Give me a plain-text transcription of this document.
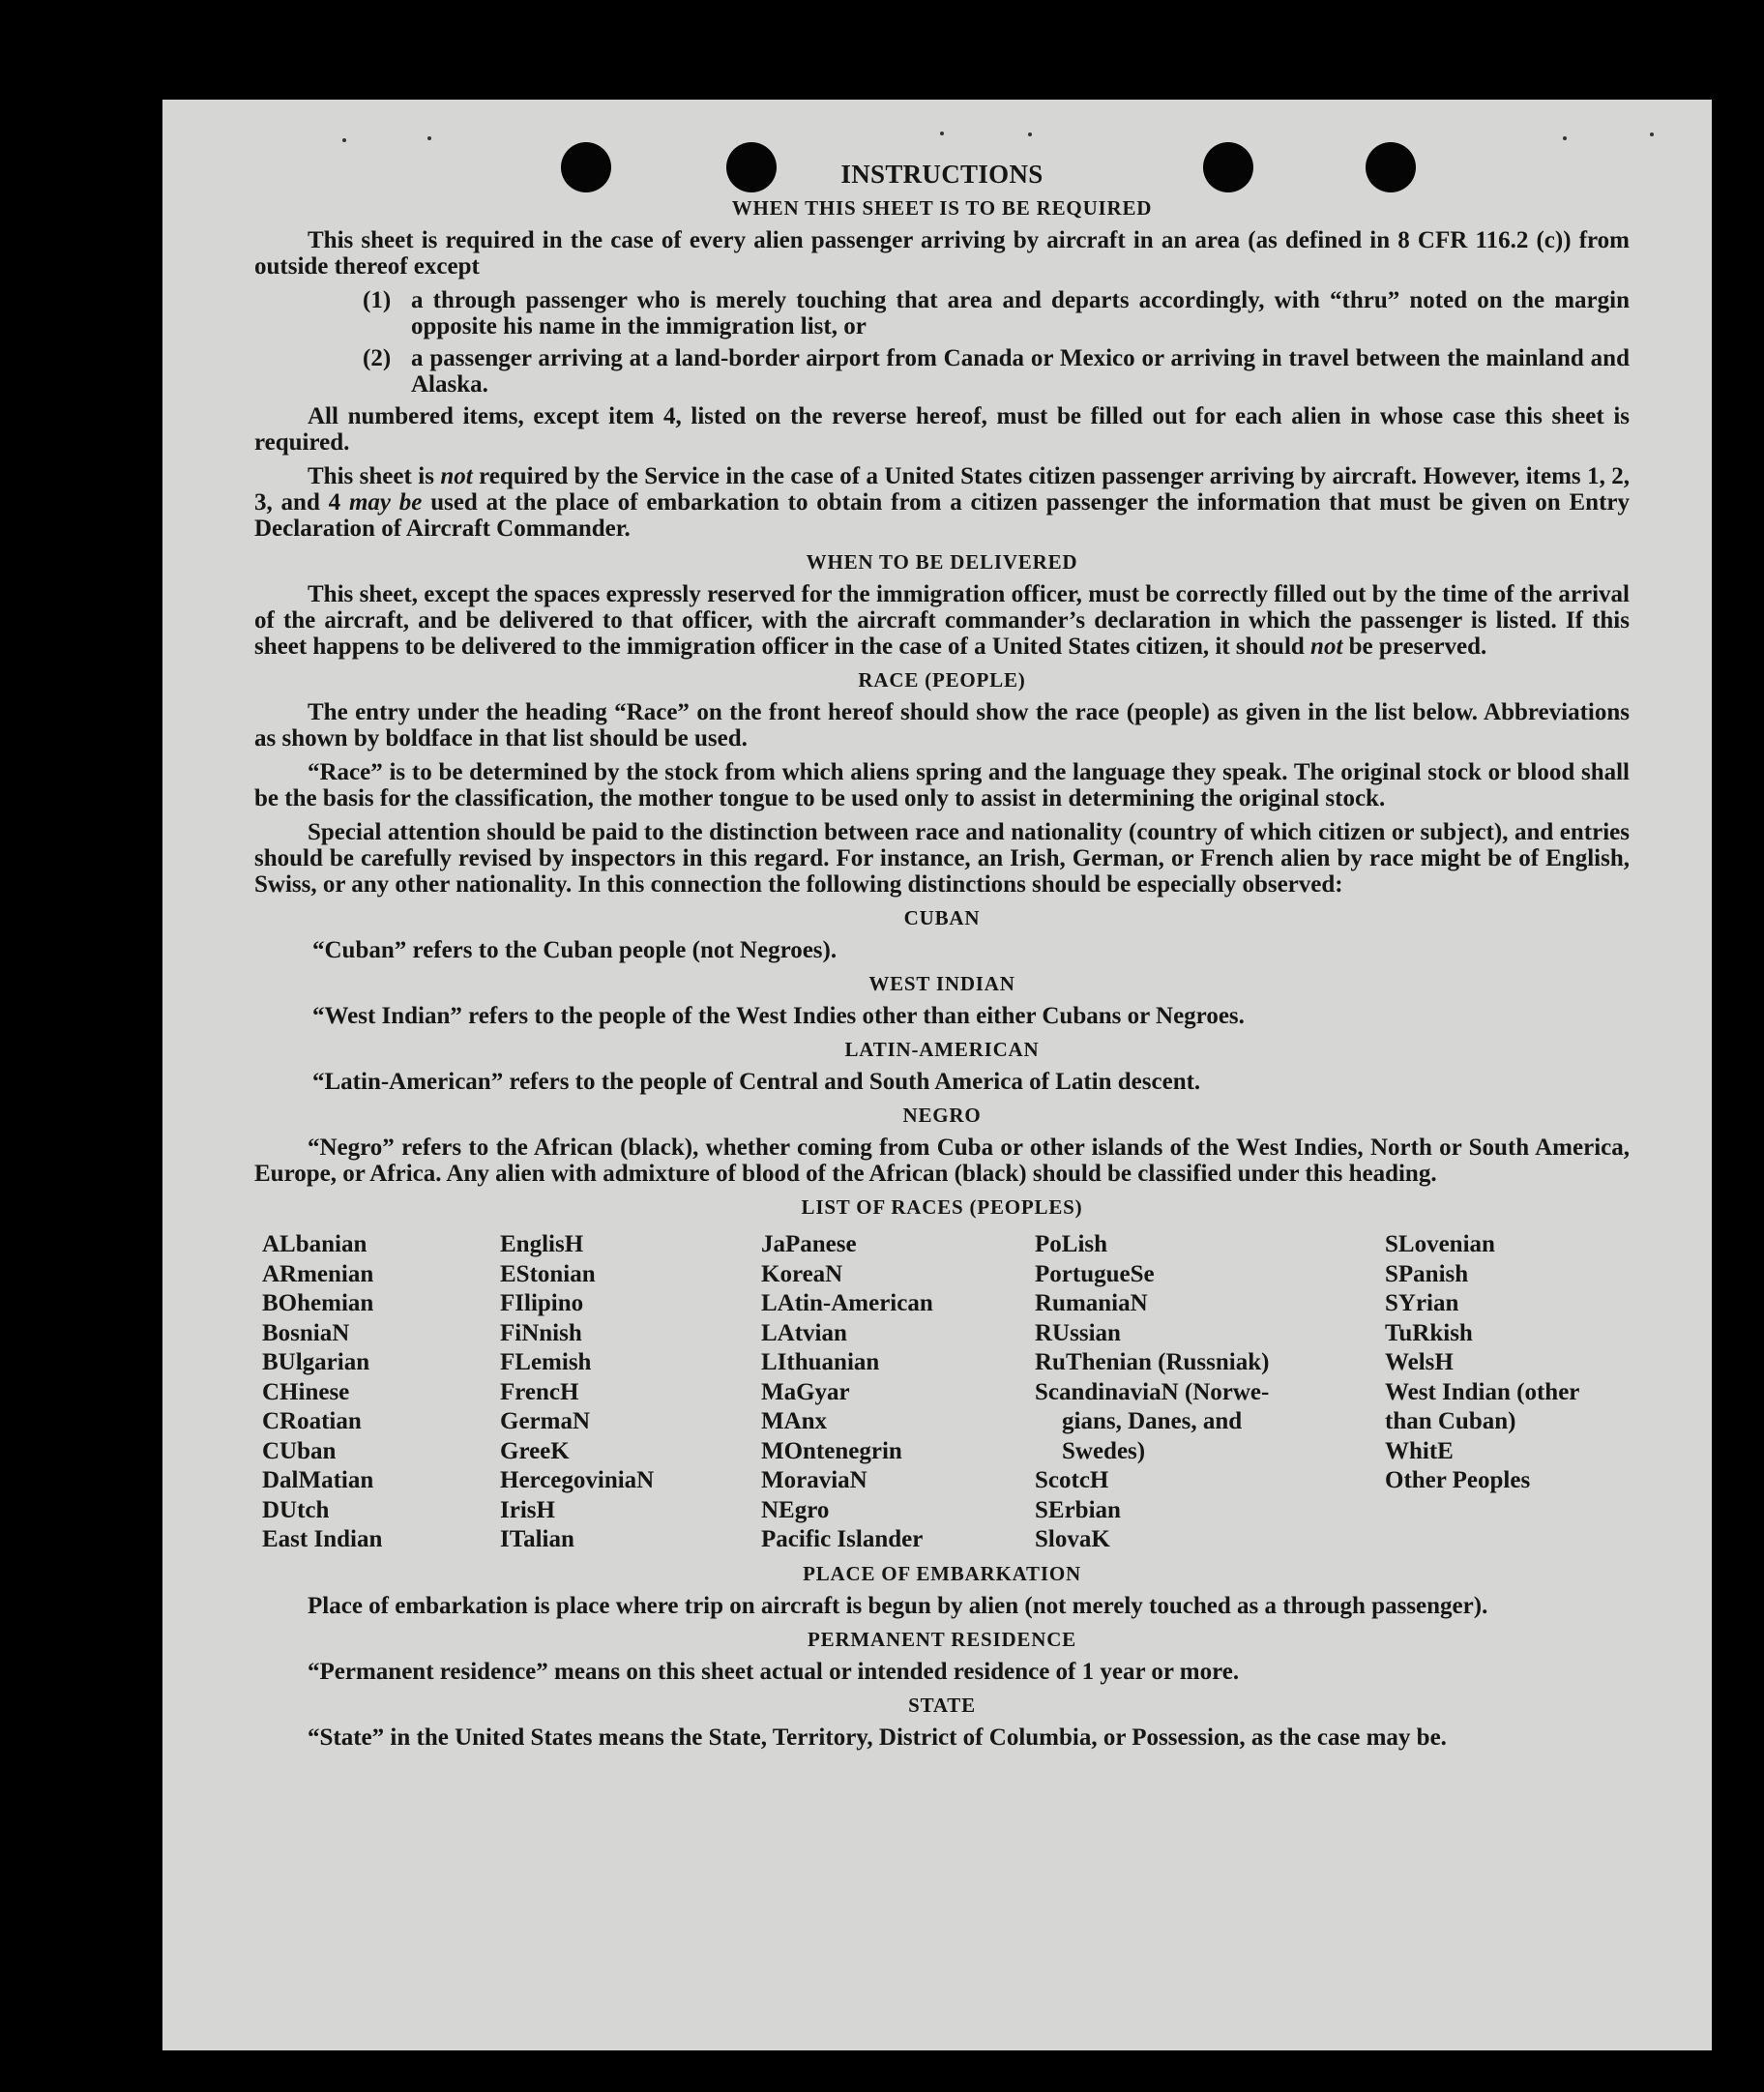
INSTRUCTIONS
WHEN THIS SHEET IS TO BE REQUIRED

This sheet is required in the case of every alien passenger arriving by aircraft in an area (as defined in 8 CFR 116.2 (c)) from outside thereof except

(1) a through passenger who is merely touching that area and departs accordingly, with “thru” noted on the margin opposite his name in the immigration list, or
(2) a passenger arriving at a land-border airport from Canada or Mexico or arriving in travel between the mainland and Alaska.

All numbered items, except item 4, listed on the reverse hereof, must be filled out for each alien in whose case this sheet is required.

This sheet is not required by the Service in the case of a United States citizen passenger arriving by aircraft. However, items 1, 2, 3, and 4 may be used at the place of embarkation to obtain from a citizen passenger the information that must be given on Entry Declaration of Aircraft Commander.

WHEN TO BE DELIVERED

This sheet, except the spaces expressly reserved for the immigration officer, must be correctly filled out by the time of the arrival of the aircraft, and be delivered to that officer, with the aircraft commander’s declaration in which the passenger is listed. If this sheet happens to be delivered to the immigration officer in the case of a United States citizen, it should not be preserved.

RACE (PEOPLE)

The entry under the heading “Race” on the front hereof should show the race (people) as given in the list below. Abbreviations as shown by boldface in that list should be used.

“Race” is to be determined by the stock from which aliens spring and the language they speak. The original stock or blood shall be the basis for the classification, the mother tongue to be used only to assist in determining the original stock.

Special attention should be paid to the distinction between race and nationality (country of which citizen or subject), and entries should be carefully revised by inspectors in this regard. For instance, an Irish, German, or French alien by race might be of English, Swiss, or any other nationality. In this connection the following distinctions should be especially observed:

CUBAN
“Cuban” refers to the Cuban people (not Negroes).
WEST INDIAN
“West Indian” refers to the people of the West Indies other than either Cubans or Negroes.
LATIN-AMERICAN
“Latin-American” refers to the people of Central and South America of Latin descent.
NEGRO

“Negro” refers to the African (black), whether coming from Cuba or other islands of the West Indies, North or South America, Europe, or Africa. Any alien with admixture of blood of the African (black) should be classified under this heading.

LIST OF RACES (PEOPLES)
ALbanian
ARmenian
BOhemian
BosniaN
BUlgarian
CHinese
CRoatian
CUban
DalMatian
DUtch
East Indian
EnglisH
EStonian
FIlipino
FiNnish
FLemish
FrencH
GermaN
GreeK
HercegoviniaN
IrisH
ITalian
JaPanese
KoreaN
LAtin-American
LAtvian
LIthuanian
MaGyar
MAnx
MOntenegrin
MoraviaN
NEgro
Pacific Islander
PoLish
PortugueSe
RumaniaN
RUssian
RuThenian (Russniak)
ScandinaviaN (Norwe-
gians, Danes, and
Swedes)
ScotcH
SErbian
SlovaK
SLovenian
SPanish
SYrian
TuRkish
WelsH
West Indian (other
than Cuban)
WhitE
Other Peoples
PLACE OF EMBARKATION

Place of embarkation is place where trip on aircraft is begun by alien (not merely touched as a through passenger).

PERMANENT RESIDENCE

“Permanent residence” means on this sheet actual or intended residence of 1 year or more.

STATE

“State” in the United States means the State, Territory, District of Columbia, or Possession, as the case may be.
